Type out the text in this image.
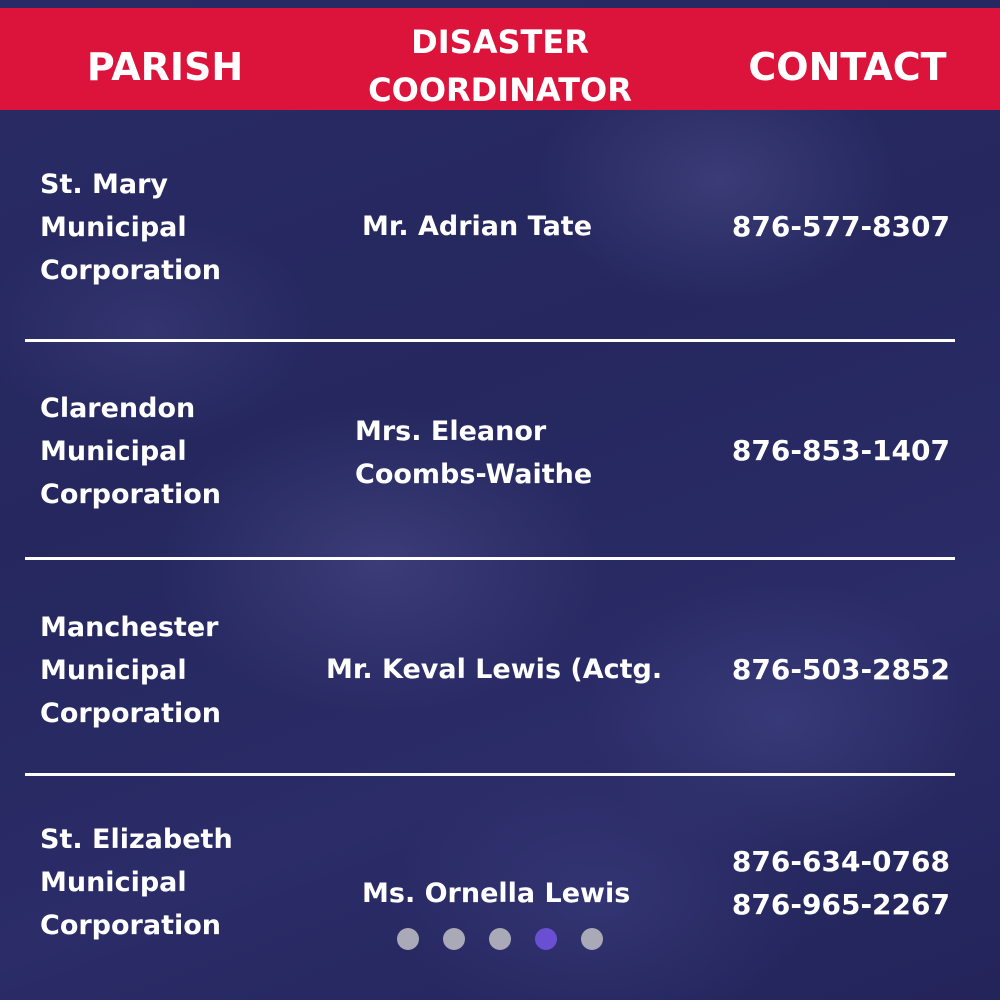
PARISH
DISASTER
COORDINATOR
CONTACT
St. Mary
Municipal
Corporation
Mr. Adrian Tate	876-577-8307
Clarendon
Municipal
Corporation
Mrs. Eleanor
Coombs-Waithe
876-853-1407
Manchester
Municipal
Corporation
Mr. Keval Lewis (Actg. 876-503-2852
St. Elizabeth
Municipal
Corporation
Ms. Ornella Lewis
876-634-0768
876-965-2267
